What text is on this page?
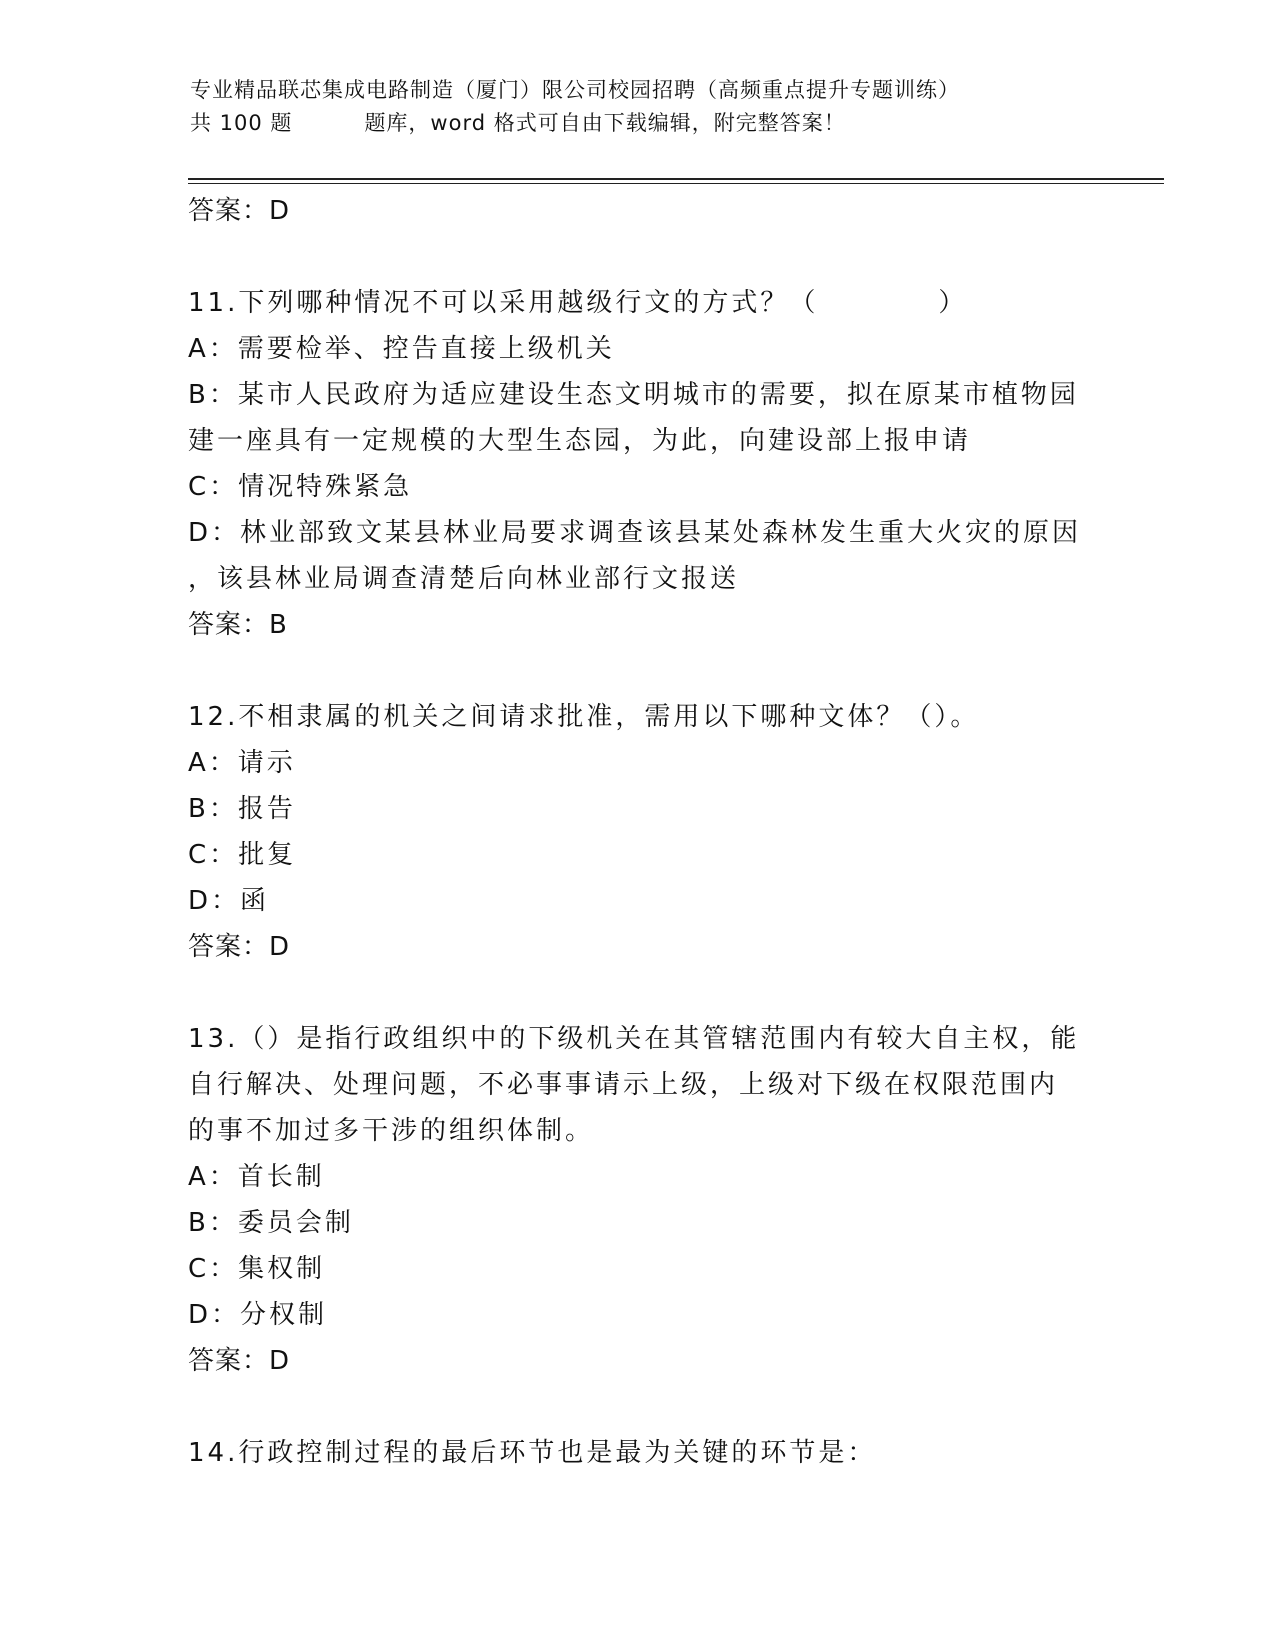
专业精品联芯集成电路制造（厦门）限公司校园招聘（高频重点提升专题训练）
共 100 题	题库，word 格式可自由下载编辑，附完整答案！
答案：D
11.下列哪种情况不可以采用越级行文的方式？（	）
A：需要检举、控告直接上级机关
B：某市人民政府为适应建设生态文明城市的需要，拟在原某市植物园
建一座具有一定规模的大型生态园，为此，向建设部上报申请
C：情况特殊紧急
D：林业部致文某县林业局要求调查该县某处森林发生重大火灾的原因
，该县林业局调查清楚后向林业部行文报送
答案：B
12.不相隶属的机关之间请求批准，需用以下哪种文体？（）。
A：请示
B：报告
C：批复
D：函
答案：D
13.（）是指行政组织中的下级机关在其管辖范围内有较大自主权，能
自行解决、处理问题，不必事事请示上级，上级对下级在权限范围内
的事不加过多干涉的组织体制。
A：首长制
B：委员会制
C：集权制
D：分权制
答案：D
14.行政控制过程的最后环节也是最为关键的环节是：
